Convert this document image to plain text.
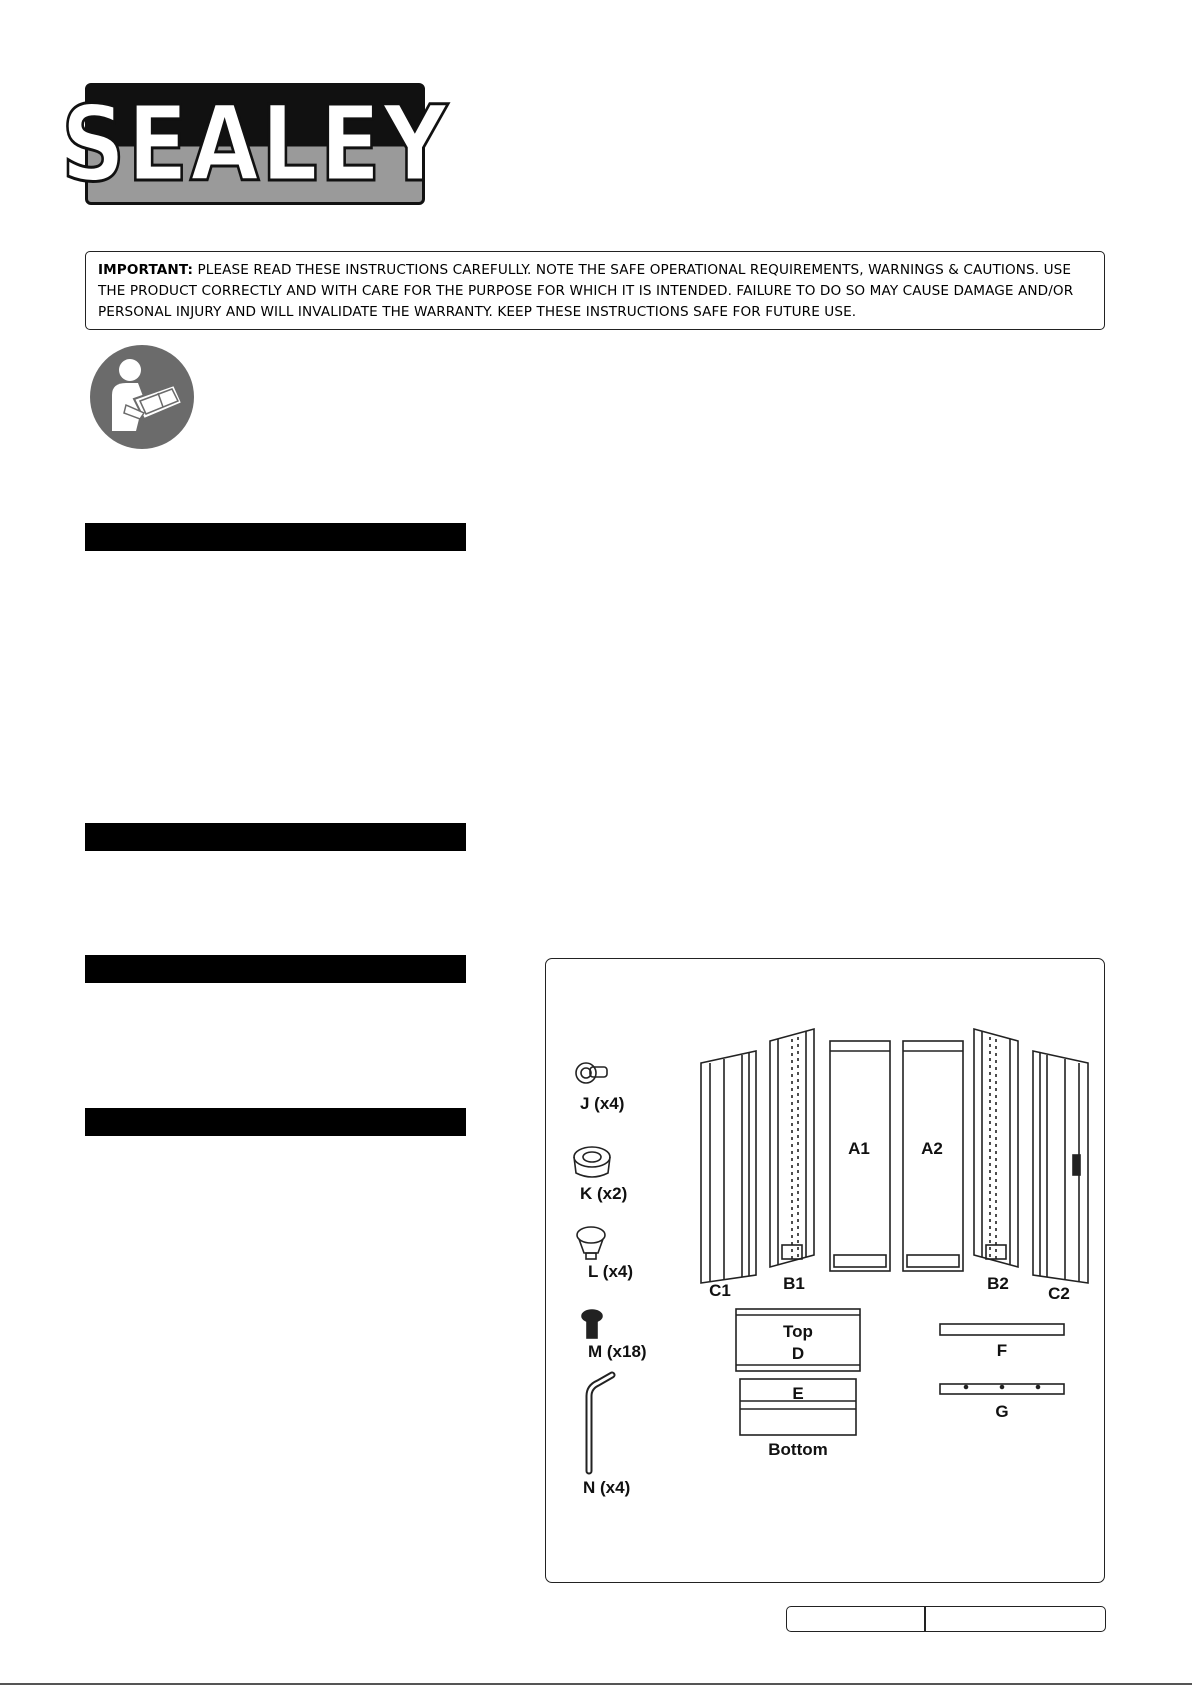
SEALEY
IMPORTANT: PLEASE READ THESE INSTRUCTIONS CAREFULLY. NOTE THE SAFE OPERATIONAL REQUIREMENTS, WARNINGS & CAUTIONS. USE THE PRODUCT CORRECTLY AND WITH CARE FOR THE PURPOSE FOR WHICH IT IS INTENDED. FAILURE TO DO SO MAY CAUSE DAMAGE AND/OR PERSONAL INJURY AND WILL INVALIDATE THE WARRANTY. KEEP THESE INSTRUCTIONS SAFE FOR FUTURE USE.
J (x4)
K (x2)
L (x4)
M (x18)
N (x4)
C1	B1
A1	A2
B2
C2
Top
D
E
Bottom
F
G
